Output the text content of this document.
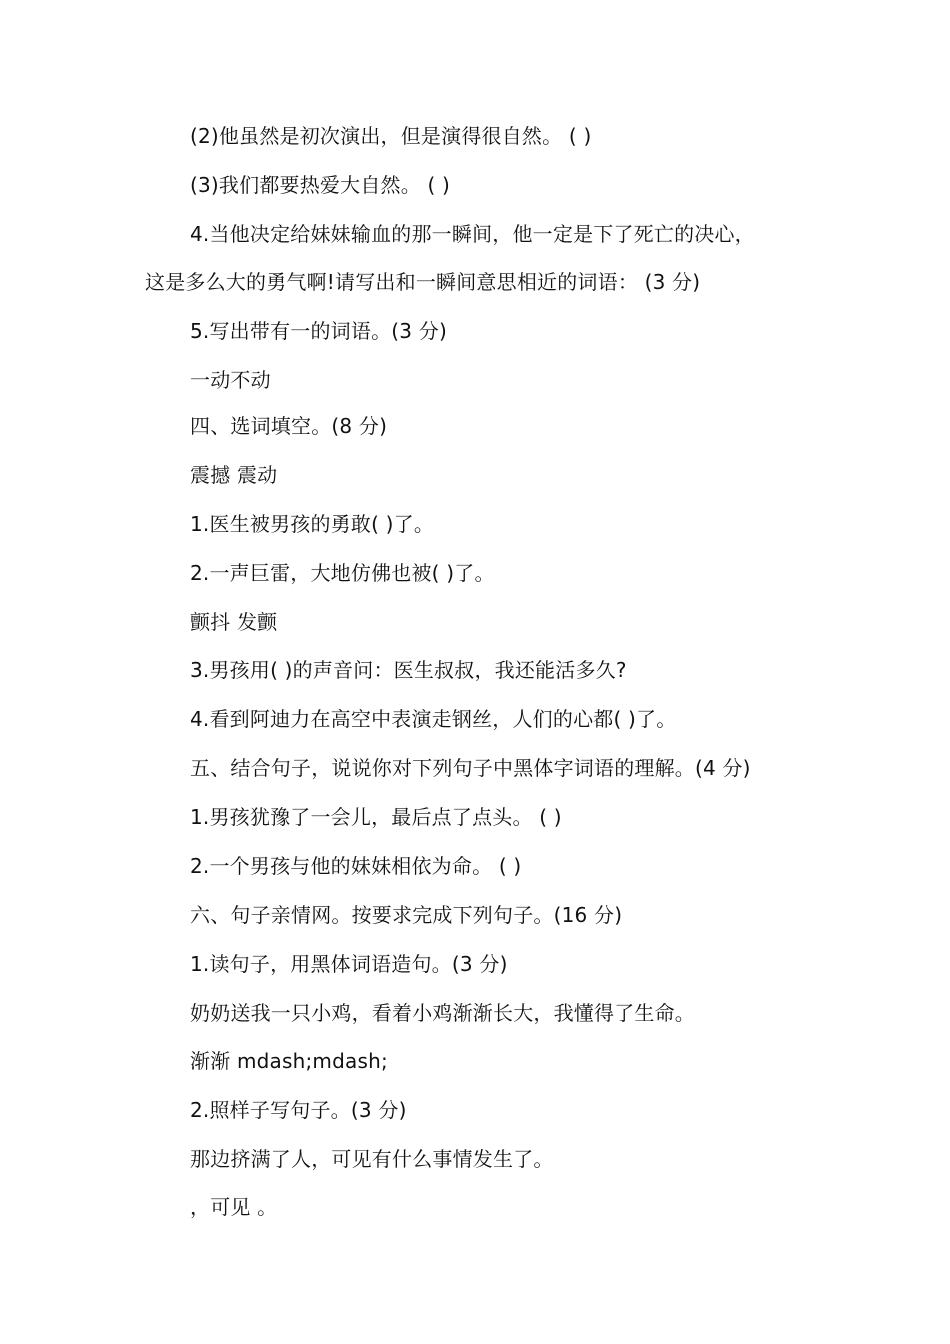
(2)他虽然是初次演出，但是演得很自然。 ( )
(3)我们都要热爱大自然。 ( )
4.当他决定给妹妹输血的那一瞬间，他一定是下了死亡的决心，
这是多么大的勇气啊!请写出和一瞬间意思相近的词语： (3 分)
5.写出带有一的词语。(3 分)
一动不动
四、选词填空。(8 分)
震撼 震动
1.医生被男孩的勇敢( )了。
2.一声巨雷，大地仿佛也被( )了。
颤抖 发颤
3.男孩用( )的声音问：医生叔叔，我还能活多久?
4.看到阿迪力在高空中表演走钢丝，人们的心都( )了。
五、结合句子，说说你对下列句子中黑体字词语的理解。(4 分)
1.男孩犹豫了一会儿，最后点了点头。 ( )
2.一个男孩与他的妹妹相依为命。 ( )
六、句子亲情网。按要求完成下列句子。(16 分)
1.读句子，用黑体词语造句。(3 分)
奶奶送我一只小鸡，看着小鸡渐渐长大，我懂得了生命。
渐渐 mdash;mdash;
2.照样子写句子。(3 分)
那边挤满了人，可见有什么事情发生了。
，可见 。
